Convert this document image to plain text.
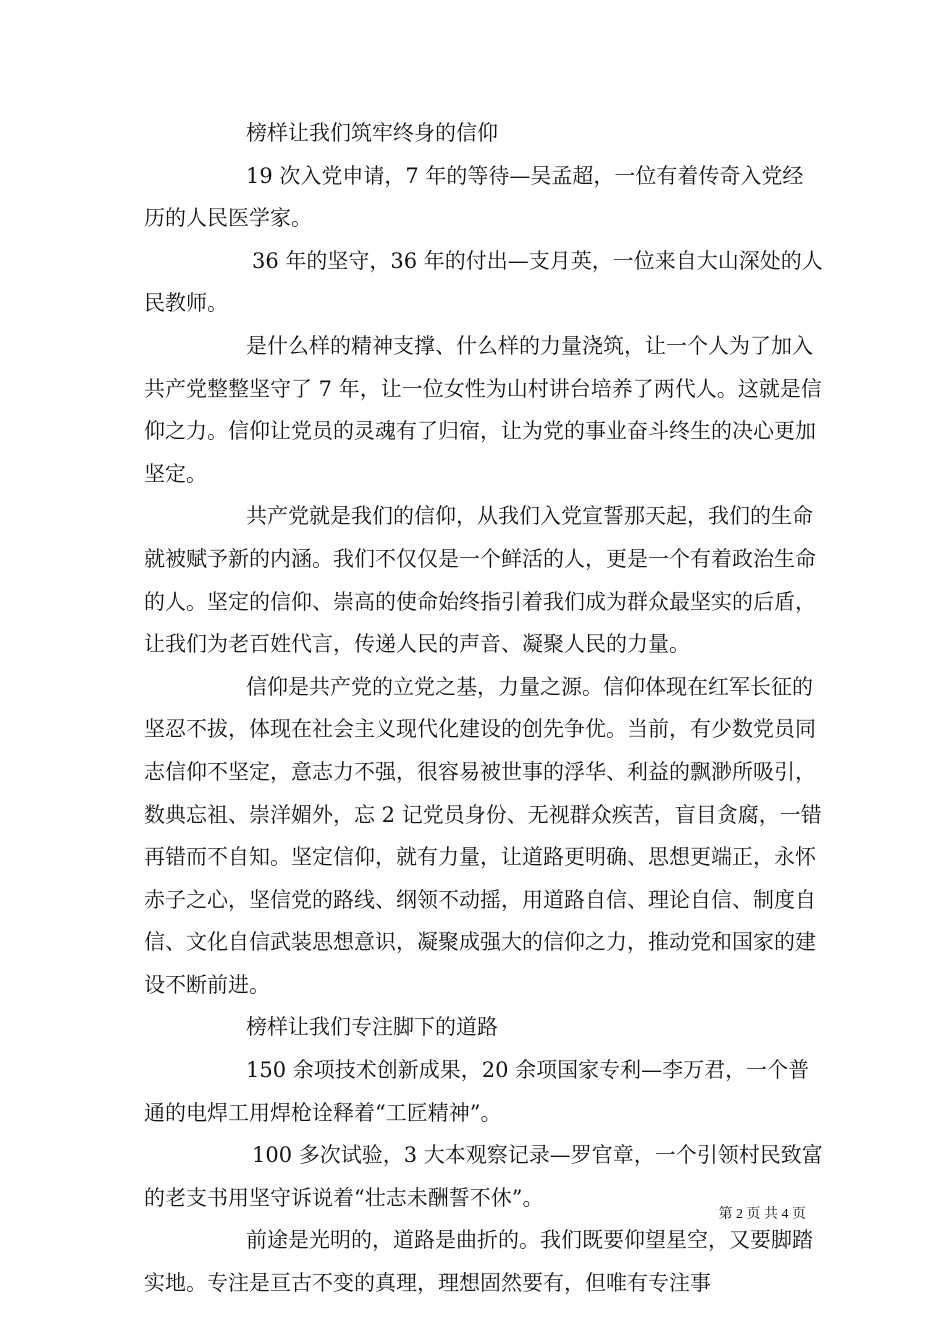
榜样让我们筑牢终身的信仰

19 次入党申请，7 年的等待—吴孟超，一位有着传奇入党经历的人民医学家。

36 年的坚守，36 年的付出—支月英，一位来自大山深处的人民教师。

是什么样的精神支撑、什么样的力量浇筑，让一个人为了加入共产党整整坚守了 7 年，让一位女性为山村讲台培养了两代人。这就是信仰之力。信仰让党员的灵魂有了归宿，让为党的事业奋斗终生的决心更加坚定。

共产党就是我们的信仰，从我们入党宣誓那天起，我们的生命就被赋予新的内涵。我们不仅仅是一个鲜活的人，更是一个有着政治生命的人。坚定的信仰、崇高的使命始终指引着我们成为群众最坚实的后盾，让我们为老百姓代言，传递人民的声音、凝聚人民的力量。

信仰是共产党的立党之基，力量之源。信仰体现在红军长征的坚忍不拔，体现在社会主义现代化建设的创先争优。当前，有少数党员同志信仰不坚定，意志力不强，很容易被世事的浮华、利益的飘渺所吸引，数典忘祖、崇洋媚外，忘 2 记党员身份、无视群众疾苦，盲目贪腐，一错再错而不自知。坚定信仰，就有力量，让道路更明确、思想更端正，永怀赤子之心，坚信党的路线、纲领不动摇，用道路自信、理论自信、制度自信、文化自信武装思想意识，凝聚成强大的信仰之力，推动党和国家的建设不断前进。

榜样让我们专注脚下的道路

150 余项技术创新成果，20 余项国家专利—李万君，一个普通的电焊工用焊枪诠释着“工匠精神”。

100 多次试验，3 大本观察记录—罗官章，一个引领村民致富的老支书用坚守诉说着“壮志未酬誓不休”。

前途是光明的，道路是曲折的。我们既要仰望星空，又要脚踏实地。专注是亘古不变的真理，理想固然要有，但唯有专注事

第 2 页 共 4 页
